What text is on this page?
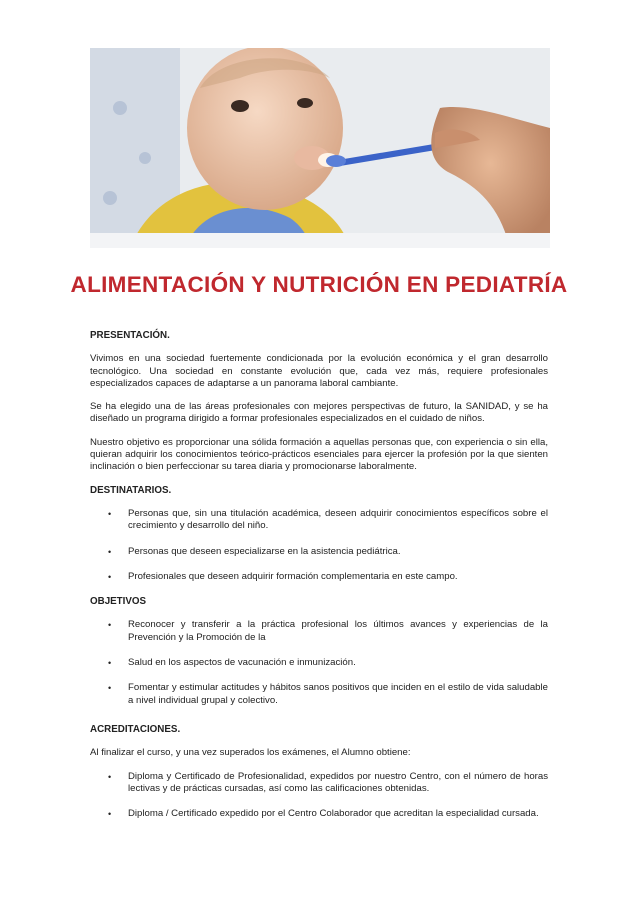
ALIMENTACIÓN Y NUTRICIÓN EN PEDIATRÍA
PRESENTACIÓN.
Vivimos en una sociedad fuertemente condicionada por la evolución económica y el gran desarrollo tecnológico. Una sociedad en constante evolución que, cada vez más, requiere profesionales especializados capaces de adaptarse a un panorama laboral cambiante.
Se ha elegido una de las áreas profesionales con mejores perspectivas de futuro, la SANIDAD, y se ha diseñado un programa dirigido a formar profesionales especializados en el cuidado de niños.
Nuestro objetivo es proporcionar una sólida formación a aquellas personas que, con experiencia o sin ella, quieran adquirir los conocimientos teórico-prácticos esenciales para ejercer la profesión por la que sienten inclinación o bien perfeccionar su tarea diaria y promocionarse laboralmente.
DESTINATARIOS.
• Personas que, sin una titulación académica, deseen adquirir conocimientos específicos sobre el crecimiento y desarrollo del niño.
• Personas que deseen especializarse en la asistencia pediátrica.
• Profesionales que deseen adquirir formación complementaria en este campo.
OBJETIVOS
• Reconocer y transferir a la práctica profesional los últimos avances y experiencias de la Prevención y la Promoción de la
• Salud en los aspectos de vacunación e inmunización.
• Fomentar y estimular actitudes y hábitos sanos positivos que inciden en el estilo de vida saludable a nivel individual grupal y colectivo.
ACREDITACIONES.
Al finalizar el curso, y una vez superados los exámenes, el Alumno obtiene:
• Diploma y Certificado de Profesionalidad, expedidos por nuestro Centro, con el número de horas lectivas y de prácticas cursadas, así como las calificaciones obtenidas.
• Diploma / Certificado expedido por el Centro Colaborador que acreditan la especialidad cursada.
